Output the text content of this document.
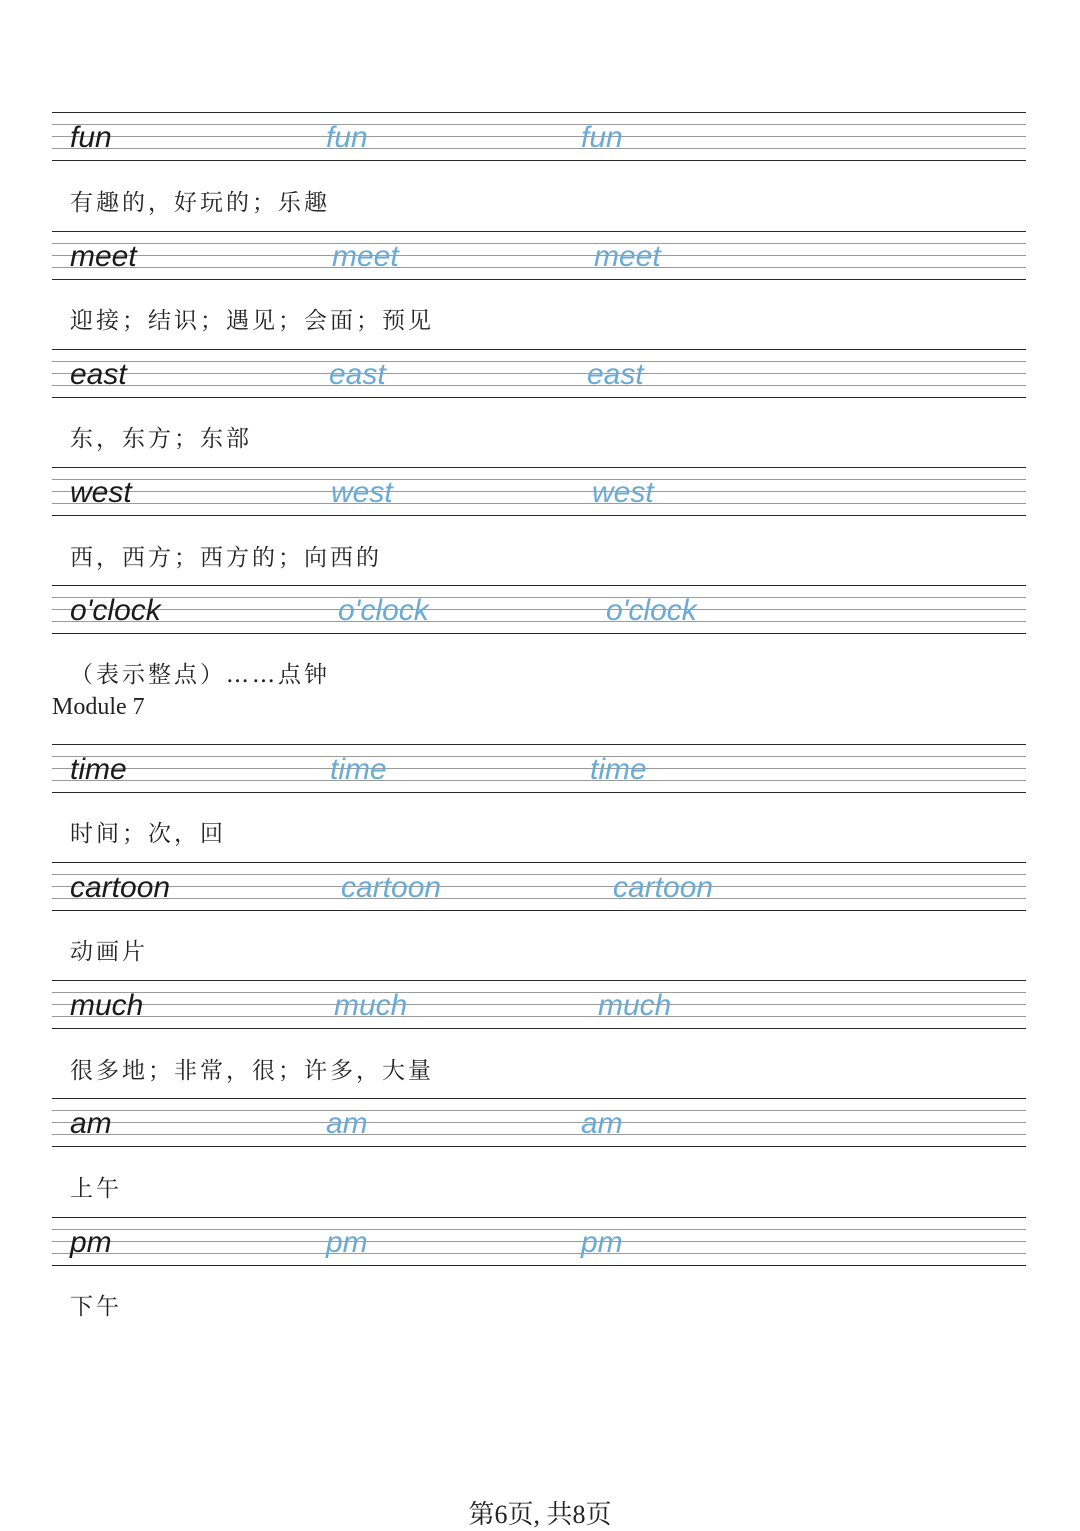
fun	fun	fun
有趣的，好玩的；乐趣
meet	meet	meet
迎接；结识；遇见；会面；预见
east	east	east
东，东方；东部
west	west	west
西，西方；西方的；向西的
o'clock	o'clock	o'clock
（表示整点）……点钟
Module 7
time	time	time
时间；次，回
cartoon	cartoon	cartoon
动画片
much	much	much
很多地；非常，很；许多，大量
am	am	am
上午
pm	pm	pm
下午
第6页, 共8页
